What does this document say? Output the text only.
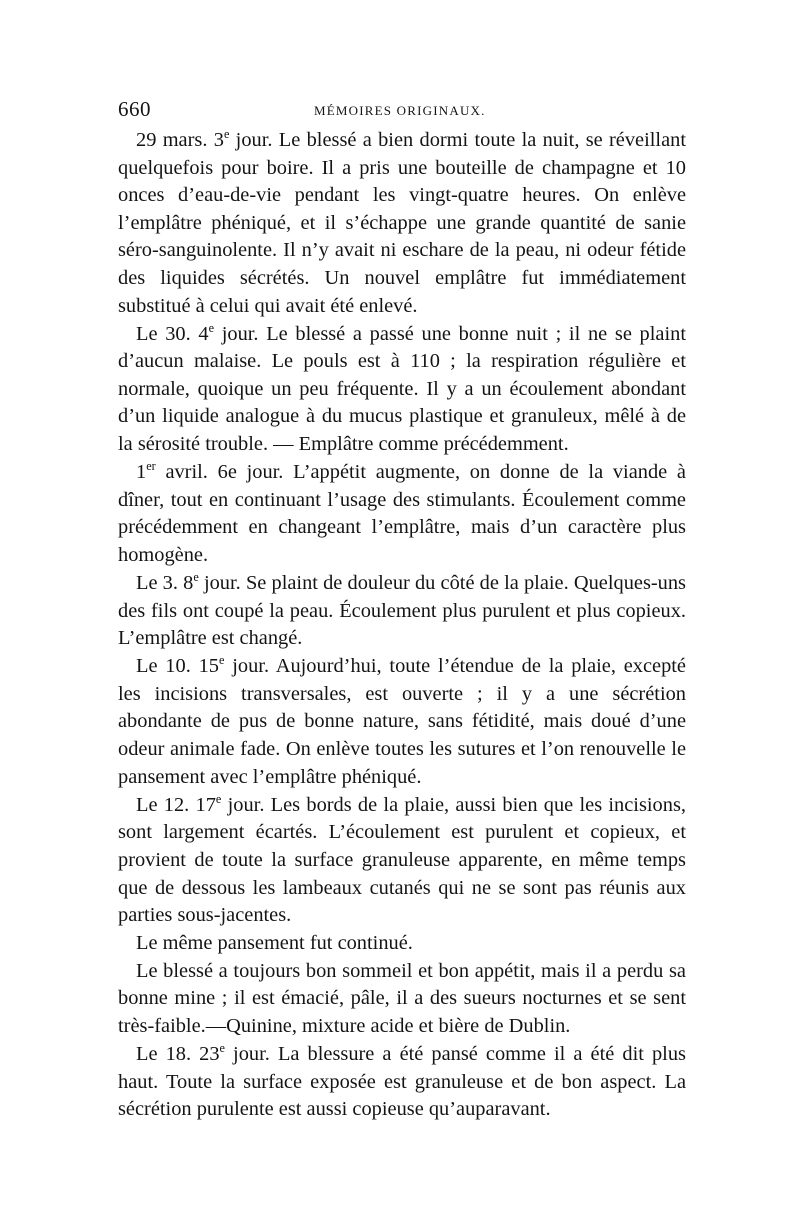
660	MÉMOIRES ORIGINAUX.

29 mars. 3e jour. Le blessé a bien dormi toute la nuit, se réveillant quelquefois pour boire. Il a pris une bouteille de champagne et 10 onces d’eau-de-vie pendant les vingt-quatre heures. On enlève l’emplâtre phéniqué, et il s’échappe une grande quantité de sanie séro-sanguinolente. Il n’y avait ni eschare de la peau, ni odeur fétide des liquides sécrétés. Un nouvel emplâtre fut immédiatement substitué à celui qui avait été enlevé.

Le 30. 4e jour. Le blessé a passé une bonne nuit ; il ne se plaint d’aucun malaise. Le pouls est à 110 ; la respiration régulière et normale, quoique un peu fréquente. Il y a un écoulement abondant d’un liquide analogue à du mucus plastique et granuleux, mêlé à de la sérosité trouble. — Emplâtre comme précédemment.

1er avril. 6e jour. L’appétit augmente, on donne de la viande à dîner, tout en continuant l’usage des stimulants. Écoulement comme précédemment en changeant l’emplâtre, mais d’un caractère plus homogène.

Le 3. 8e jour. Se plaint de douleur du côté de la plaie. Quelques-uns des fils ont coupé la peau. Écoulement plus purulent et plus copieux. L’emplâtre est changé.

Le 10. 15e jour. Aujourd’hui, toute l’étendue de la plaie, excepté les incisions transversales, est ouverte ; il y a une sécrétion abondante de pus de bonne nature, sans fétidité, mais doué d’une odeur animale fade. On enlève toutes les sutures et l’on renouvelle le pansement avec l’emplâtre phéniqué.

Le 12. 17e jour. Les bords de la plaie, aussi bien que les incisions, sont largement écartés. L’écoulement est purulent et copieux, et provient de toute la surface granuleuse apparente, en même temps que de dessous les lambeaux cutanés qui ne se sont pas réunis aux parties sous-jacentes.

Le même pansement fut continué.

Le blessé a toujours bon sommeil et bon appétit, mais il a perdu sa bonne mine ; il est émacié, pâle, il a des sueurs nocturnes et se sent très-faible.—Quinine, mixture acide et bière de Dublin.

Le 18. 23e jour. La blessure a été pansé comme il a été dit plus haut. Toute la surface exposée est granuleuse et de bon aspect. La sécrétion purulente est aussi copieuse qu’auparavant.
